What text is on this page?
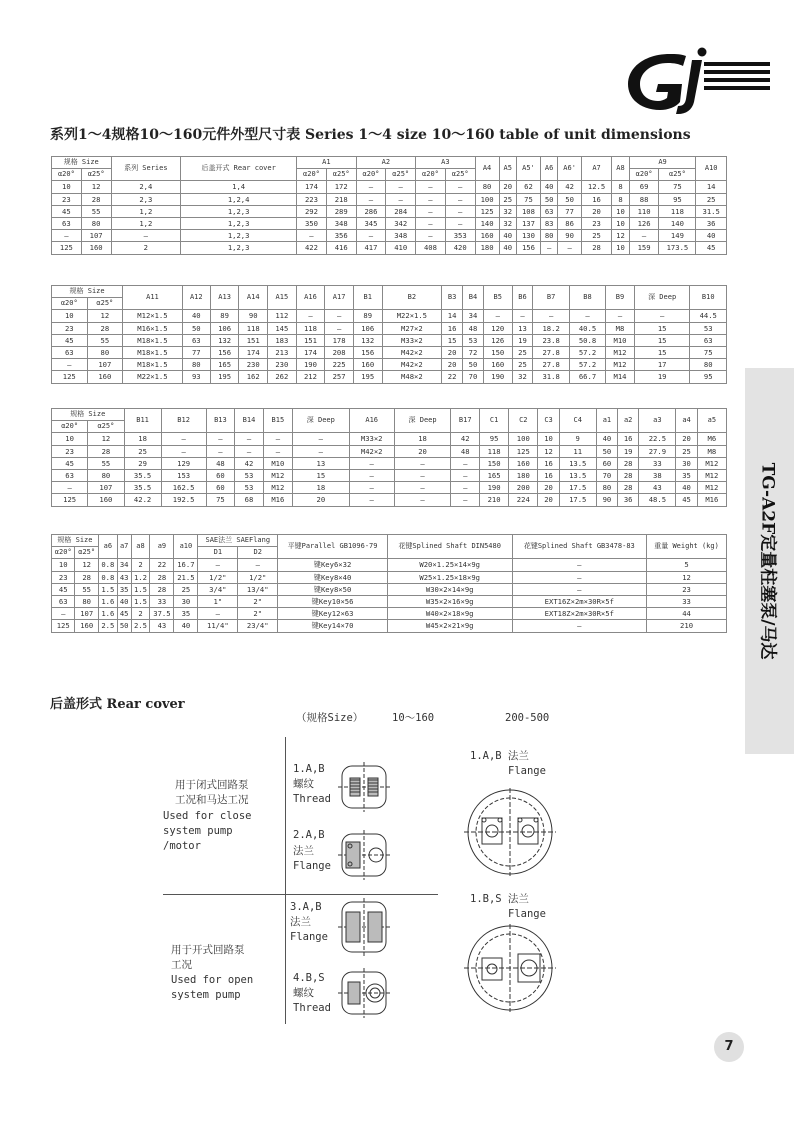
系列1～4规格10～160元件外型尺寸表 Series 1～4 size 10～160 table of unit dimensions
规格 Size		系列 Series	后盖开式 Rear cover	A1		A2		A3		A4	A5	A5'	A6	A6'	A7	A8	A9		A10
α20°	α25°			α20°	α25°	α20°	α25°	α20°	α25°								α20°	α25°	
10	12	2,4	1,4	174	172	–	–	–	–	80	20	62	40	42	12.5	8	69	75	14
23	28	2,3	1,2,4	223	218	–	–	–	–	100	25	75	50	50	16	8	88	95	25
45	55	1,2	1,2,3	292	289	286	284	–	–	125	32	108	63	77	20	10	110	118	31.5
63	80	1,2	1,2,3	350	348	345	342	–	–	140	32	137	83	86	23	10	126	140	36
–	107	–	1,2,3	–	356	–	348	–	353	160	40	130	80	90	25	12	–	149	40
125	160	2	1,2,3	422	416	417	410	408	420	180	40	156	–	–	28	10	159	173.5	45
规格 Size		A11	A12	A13	A14	A15	A16	A17	B1	B2	B3	B4	B5	B6	B7	B8	B9	深 Deep	B10
α20°	α25°																		
10	12	M12×1.5	40	89	90	112	–	–	89	M22×1.5	14	34	–	–	–	–	–	–	44.5
23	28	M16×1.5	50	106	118	145	118	–	106	M27×2	16	48	120	13	18.2	40.5	M8	15	53
45	55	M18×1.5	63	132	151	183	151	178	132	M33×2	15	53	126	19	23.8	50.8	M10	15	63
63	80	M18×1.5	77	156	174	213	174	208	156	M42×2	20	72	150	25	27.8	57.2	M12	15	75
–	107	M18×1.5	80	165	230	230	190	225	160	M42×2	20	50	160	25	27.8	57.2	M12	17	80
125	160	M22×1.5	93	195	162	262	212	257	195	M48×2	22	70	190	32	31.8	66.7	M14	19	95
规格 Size		B11	B12	B13	B14	B15	深 Deep	A16	深 Deep	B17	C1	C2	C3	C4	a1	a2	a3	a4	a5
α20°	α25°																		
10	12	18	–	–	–	–	–	M33×2	18	42	95	100	10	9	40	16	22.5	20	M6
23	28	25	–	–	–	–	–	M42×2	20	48	118	125	12	11	50	19	27.9	25	M8
45	55	29	129	48	42	M10	13	–	–	–	150	160	16	13.5	60	28	33	30	M12
63	80	35.5	153	60	53	M12	15	–	–	–	165	180	16	13.5	70	28	38	35	M12
–	107	35.5	162.5	60	53	M12	18	–	–	–	190	200	20	17.5	80	28	43	40	M12
125	160	42.2	192.5	75	68	M16	20	–	–	–	210	224	20	17.5	90	36	48.5	45	M16
规格 Size		a6	a7	a8	a9	a10	SAE法兰 SAEFlang		平键Parallel GB1096-79	花键Splined Shaft DIN5480	花键Splined Shaft GB3478-83	重量 Weight (kg)
α20°	α25°						D1	D2				
10	12	0.8	34	2	22	16.7	–	–	键Key6×32	W20×1.25×14×9g	–	5
23	28	0.8	43	1.2	28	21.5	1/2"	1/2"	键Key8×40	W25×1.25×18×9g	–	12
45	55	1.5	35	1.5	28	25	3/4"	13/4"	键Key8×50	W30×2×14×9g	–	23
63	80	1.6	40	1.5	33	30	1"	2"	键Key10×56	W35×2×16×9g	EXT16Z×2m×30R×5f	33
–	107	1.6	45	2	37.5	35	–	2"	键Key12×63	W40×2×18×9g	EXT18Z×2m×30R×5f	44
125	160	2.5	50	2.5	43	40	11/4"	23/4"	键Key14×70	W45×2×21×9g	–	210	TG-A2F定量柱塞泵/马达
后盖形式 Rear cover
（规格Size）	10～160	200-500
用于闭式回路泵
工况和马达工况
Used for close
system pump
/motor
用于开式回路泵
工况
Used for open
system pump
1.A,B
螺纹
Thread
2.A,B
法兰
Flange
3.A,B
法兰
Flange
4.B,S
螺纹
Thread
1.A,B 法兰
Flange
1.B,S 法兰
Flange
7
